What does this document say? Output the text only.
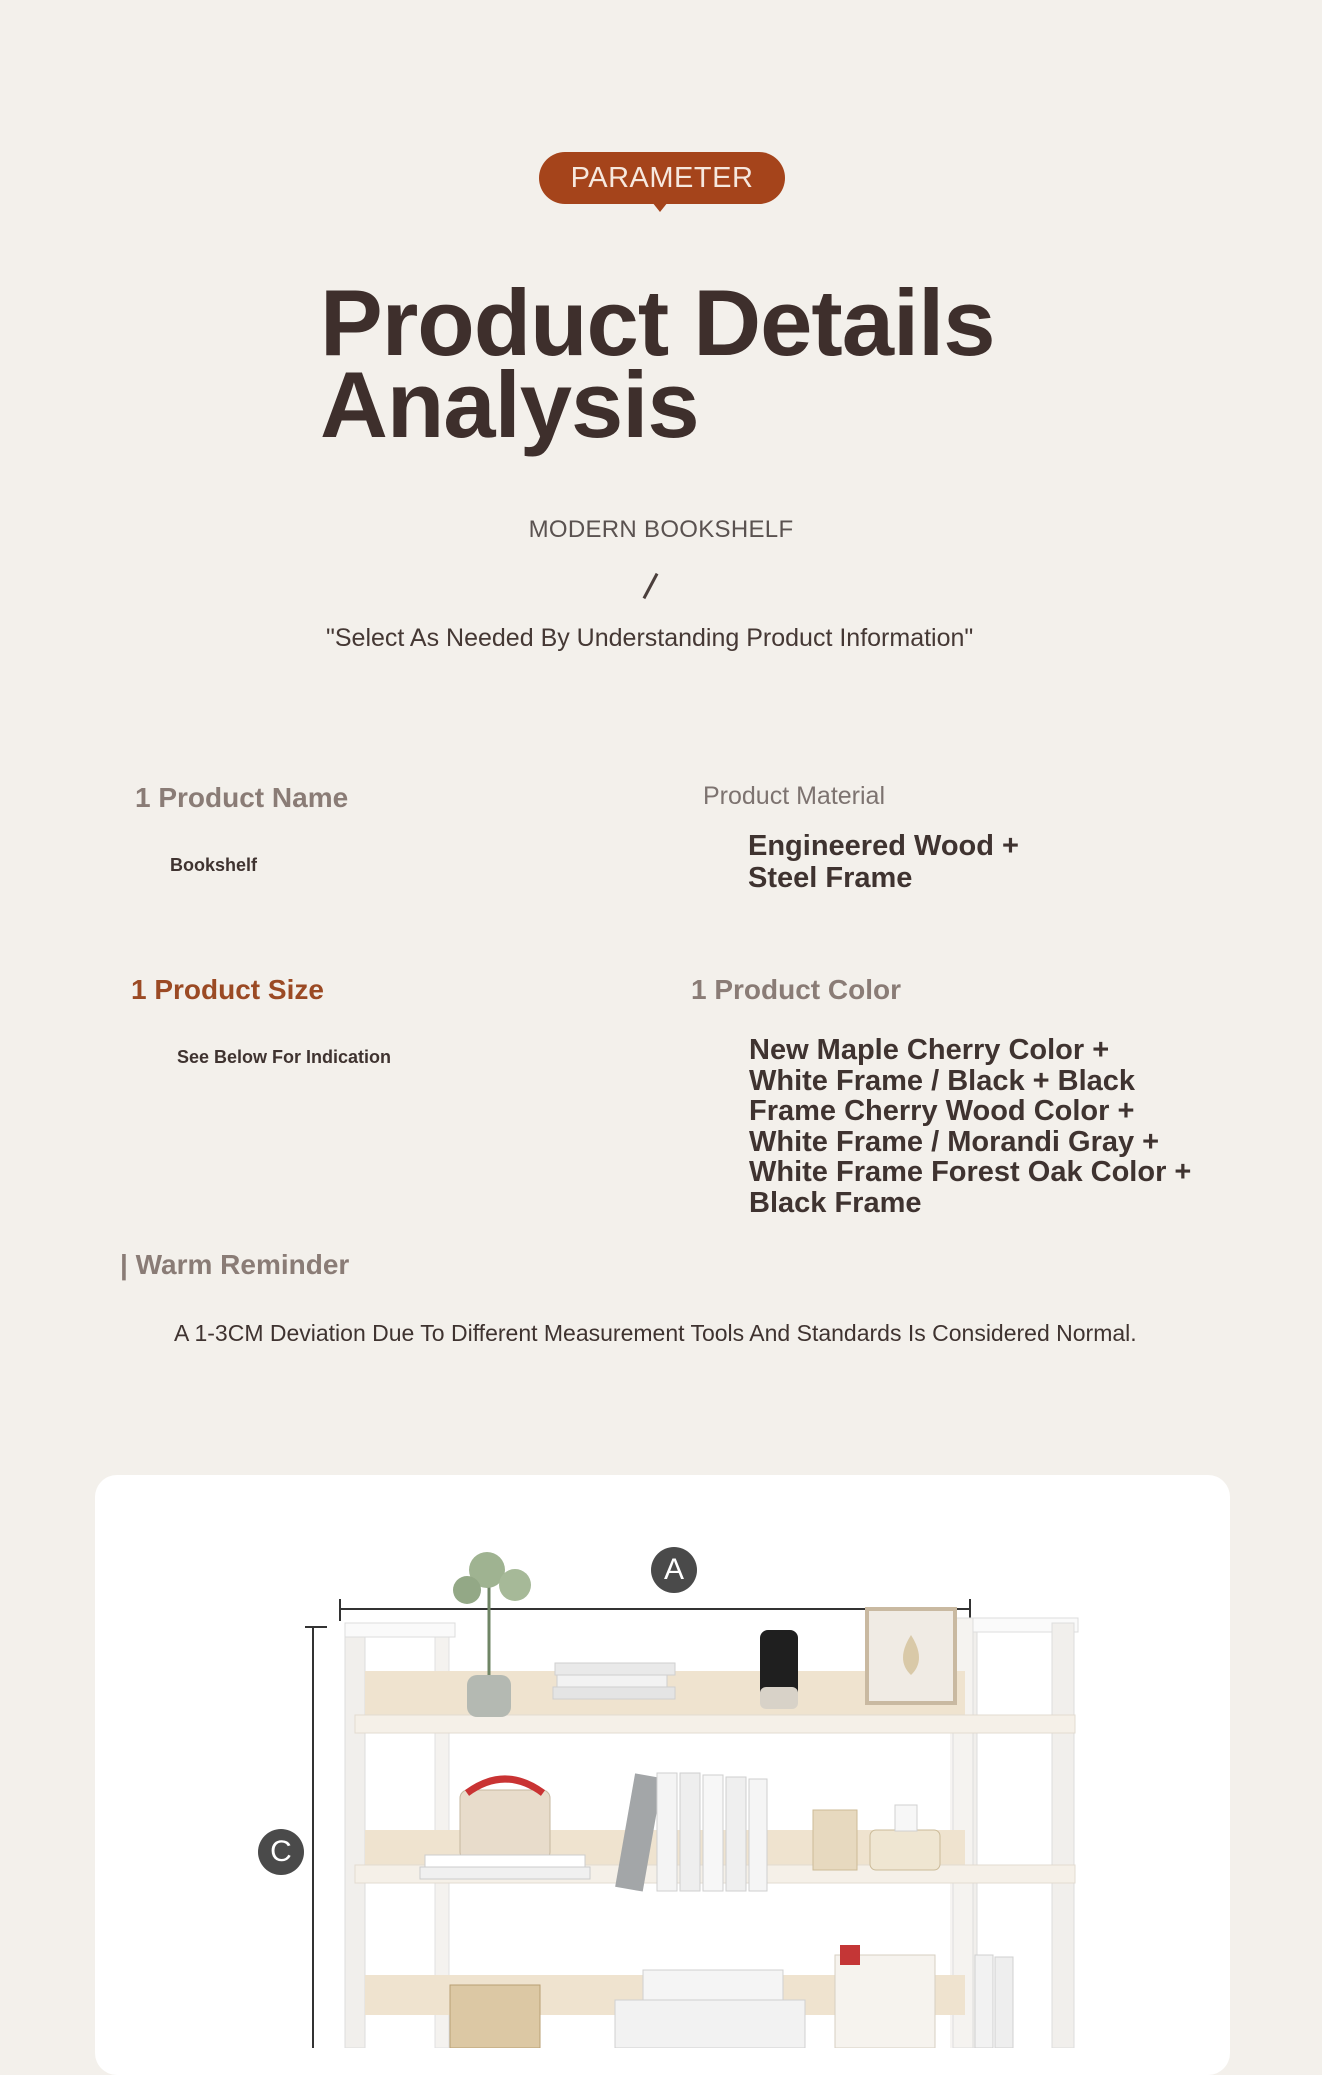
PARAMETER
Product Details
Analysis
MODERN BOOKSHELF
"Select As Needed By Understanding Product Information"
1 Product Name
Bookshelf
Product Material
Engineered Wood + Steel Frame
1 Product Size
See Below For Indication
1 Product Color
New Maple Cherry Color + White Frame / Black + Black Frame Cherry Wood Color + White Frame / Morandi Gray + White Frame Forest Oak Color + Black Frame
| Warm Reminder
A 1-3CM Deviation Due To Different Measurement Tools And Standards Is Considered Normal.
A
C
